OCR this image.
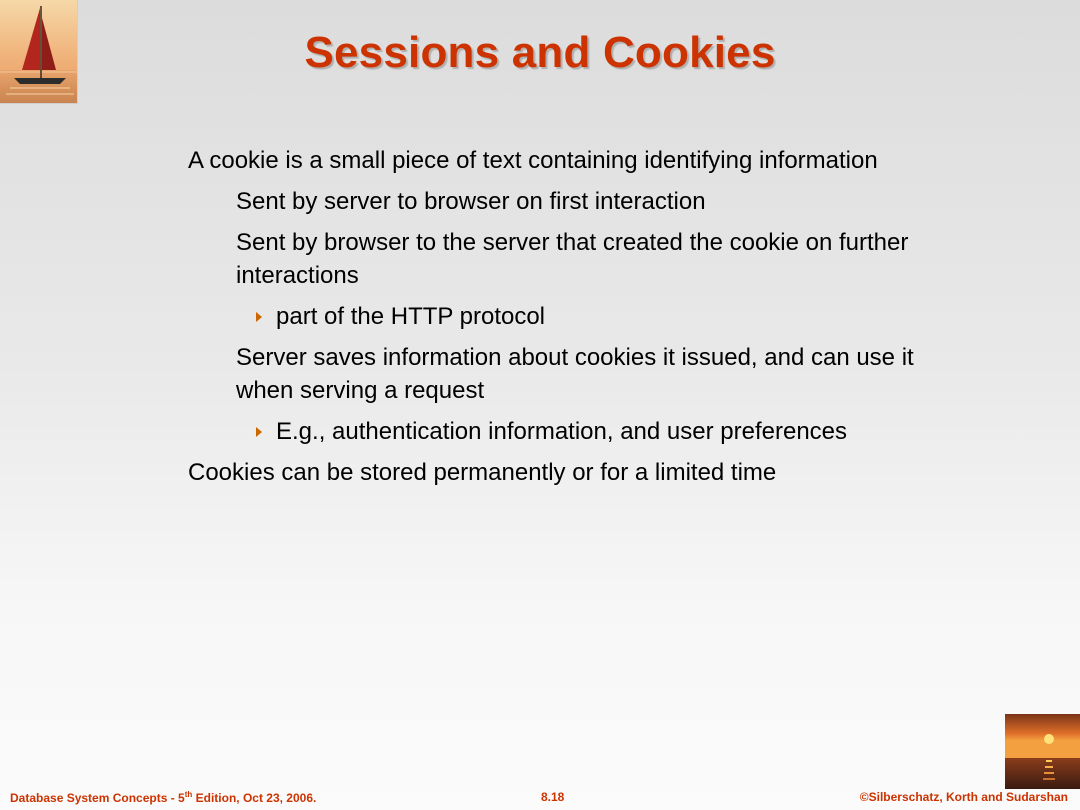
Sessions and Cookies
A cookie is a small piece of text containing identifying information
Sent by server to browser on first interaction
Sent by browser to the server that created the cookie on further interactions
part of the HTTP protocol
Server saves information about cookies it issued, and can use it when serving a request
E.g., authentication information, and user preferences
Cookies can be stored permanently or for a limited time
Database System Concepts - 5th Edition, Oct 23, 2006.	8.18	©Silberschatz, Korth and Sudarshan
